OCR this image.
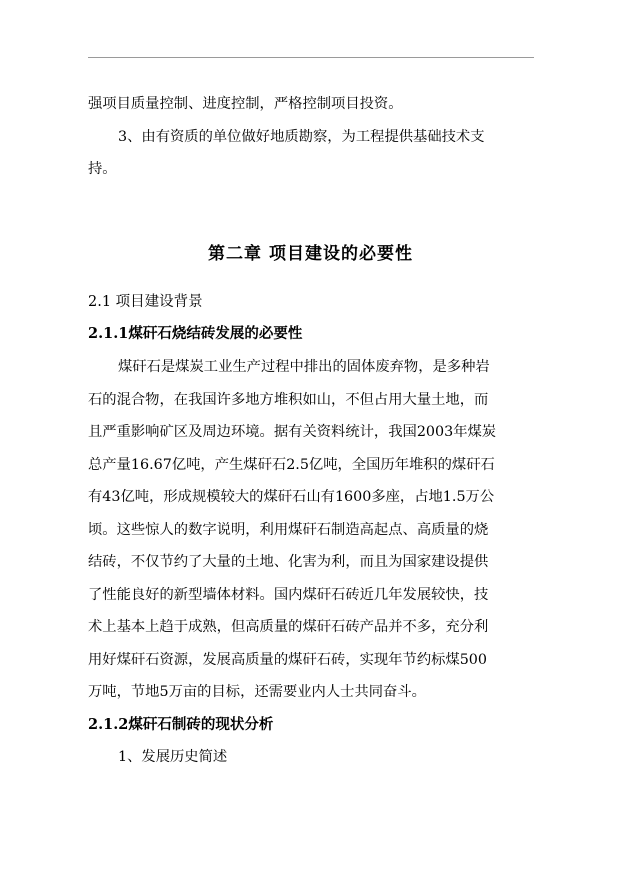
强项目质量控制、进度控制，严格控制项目投资。

3、由有资质的单位做好地质勘察，为工程提供基础技术支

持。

第二章 项目建设的必要性

2.1 项目建设背景

2.1.1煤矸石烧结砖发展的必要性

煤矸石是煤炭工业生产过程中排出的固体废弃物，是多种岩

石的混合物，在我国许多地方堆积如山，不但占用大量土地，而

且严重影响矿区及周边环境。据有关资料统计，我国2003年煤炭

总产量16.67亿吨，产生煤矸石2.5亿吨，全国历年堆积的煤矸石

有43亿吨，形成规模较大的煤矸石山有1600多座，占地1.5万公

顷。这些惊人的数字说明，利用煤矸石制造高起点、高质量的烧

结砖，不仅节约了大量的土地、化害为利，而且为国家建设提供

了性能良好的新型墙体材料。国内煤矸石砖近几年发展较快，技

术上基本上趋于成熟，但高质量的煤矸石砖产品并不多，充分利

用好煤矸石资源，发展高质量的煤矸石砖，实现年节约标煤500

万吨，节地5万亩的目标，还需要业内人士共同奋斗。

2.1.2煤矸石制砖的现状分析

1、发展历史简述
